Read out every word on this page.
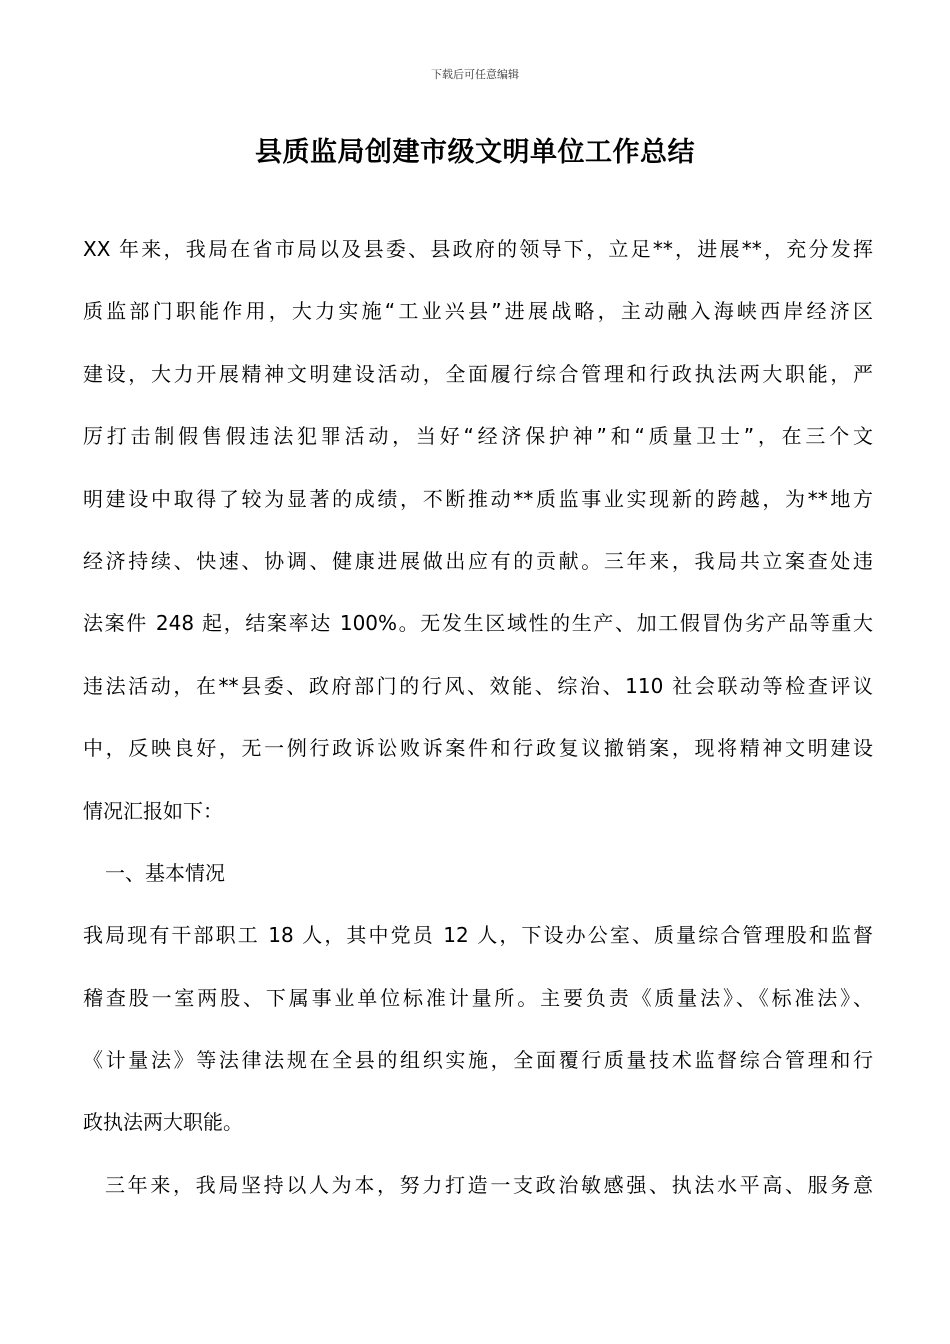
下载后可任意编辑
县质监局创建市级文明单位工作总结
XX 年来，我局在省市局以及县委、县政府的领导下，立足**，进展**，充分发挥
质监部门职能作用，大力实施“工业兴县”进展战略，主动融入海峡西岸经济区
建设，大力开展精神文明建设活动，全面履行综合管理和行政执法两大职能，严
厉打击制假售假违法犯罪活动，当好“经济保护神”和“质量卫士”，在三个文
明建设中取得了较为显著的成绩，不断推动**质监事业实现新的跨越，为**地方
经济持续、快速、协调、健康进展做出应有的贡献。三年来，我局共立案查处违
法案件 248 起，结案率达 100%。无发生区域性的生产、加工假冒伪劣产品等重大
违法活动，在**县委、政府部门的行风、效能、综治、110 社会联动等检查评议
中，反映良好，无一例行政诉讼败诉案件和行政复议撤销案，现将精神文明建设
情况汇报如下：
一、基本情况
我局现有干部职工 18 人，其中党员 12 人，下设办公室、质量综合管理股和监督
稽查股一室两股、下属事业单位标准计量所。主要负责《质量法》、《标准法》、
《计量法》等法律法规在全县的组织实施，全面覆行质量技术监督综合管理和行
政执法两大职能。
三年来，我局坚持以人为本，努力打造一支政治敏感强、执法水平高、服务意
